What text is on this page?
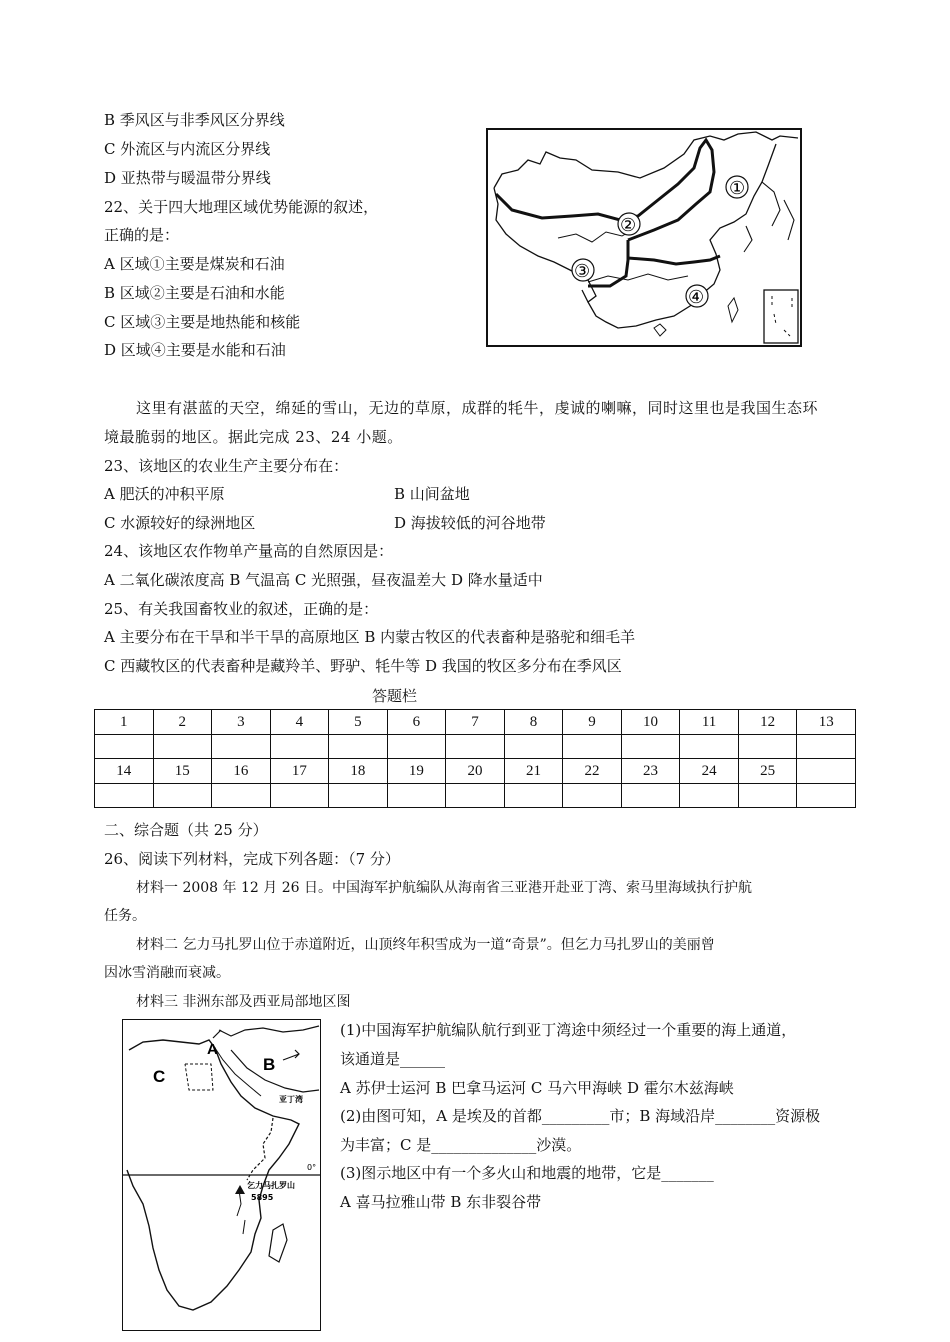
B 季风区与非季风区分界线
C 外流区与内流区分界线
D 亚热带与暖温带分界线
22、关于四大地理区域优势能源的叙述，
正确的是：
A 区域①主要是煤炭和石油
B 区域②主要是石油和水能
C 区域③主要是地热能和核能
D 区域④主要是水能和石油
①
②
③
④
这里有湛蓝的天空，绵延的雪山，无边的草原，成群的牦牛，虔诚的喇嘛，同时这里也是我国生态环
境最脆弱的地区。据此完成 23、24 小题。
23、该地区的农业生产主要分布在：
A 肥沃的冲积平原	B 山间盆地
C 水源较好的绿洲地区	D 海拔较低的河谷地带
24、该地区农作物单产量高的自然原因是：
A 二氧化碳浓度高 B 气温高 C 光照强，昼夜温差大 D 降水量适中
25、有关我国畜牧业的叙述，正确的是：
A 主要分布在干旱和半干旱的高原地区 B 内蒙古牧区的代表畜种是骆驼和细毛羊
C 西藏牧区的代表畜种是藏羚羊、野驴、牦牛等 D 我国的牧区多分布在季风区
答题栏
1	2	3	4	5	6	7	8	9	10	11	12	13

14	15	16	17	18	19	20	21	22	23	24	25	

二、综合题（共 25 分）
26、阅读下列材料，完成下列各题：（7 分）
材料一 2008 年 12 月 26 日。中国海军护航编队从海南省三亚港开赴亚丁湾、索马里海域执行护航
任务。
材料二 乞力马扎罗山位于赤道附近，山顶终年积雪成为一道“奇景”。但乞力马扎罗山的美丽曾
因冰雪消融而衰减。
材料三 非洲东部及西亚局部地区图
A
B
C
亚丁湾
0°
乞力马扎罗山
5895
(1)中国海军护航编队航行到亚丁湾途中须经过一个重要的海上通道，
该通道是______
A 苏伊士运河 B 巴拿马运河 C 马六甲海峡 D 霍尔木兹海峡
(2)由图可知，A 是埃及的首都_________市；B 海域沿岸________资源极
为丰富；C 是______________沙漠。
(3)图示地区中有一个多火山和地震的地带，它是_______
A 喜马拉雅山带 B 东非裂谷带
